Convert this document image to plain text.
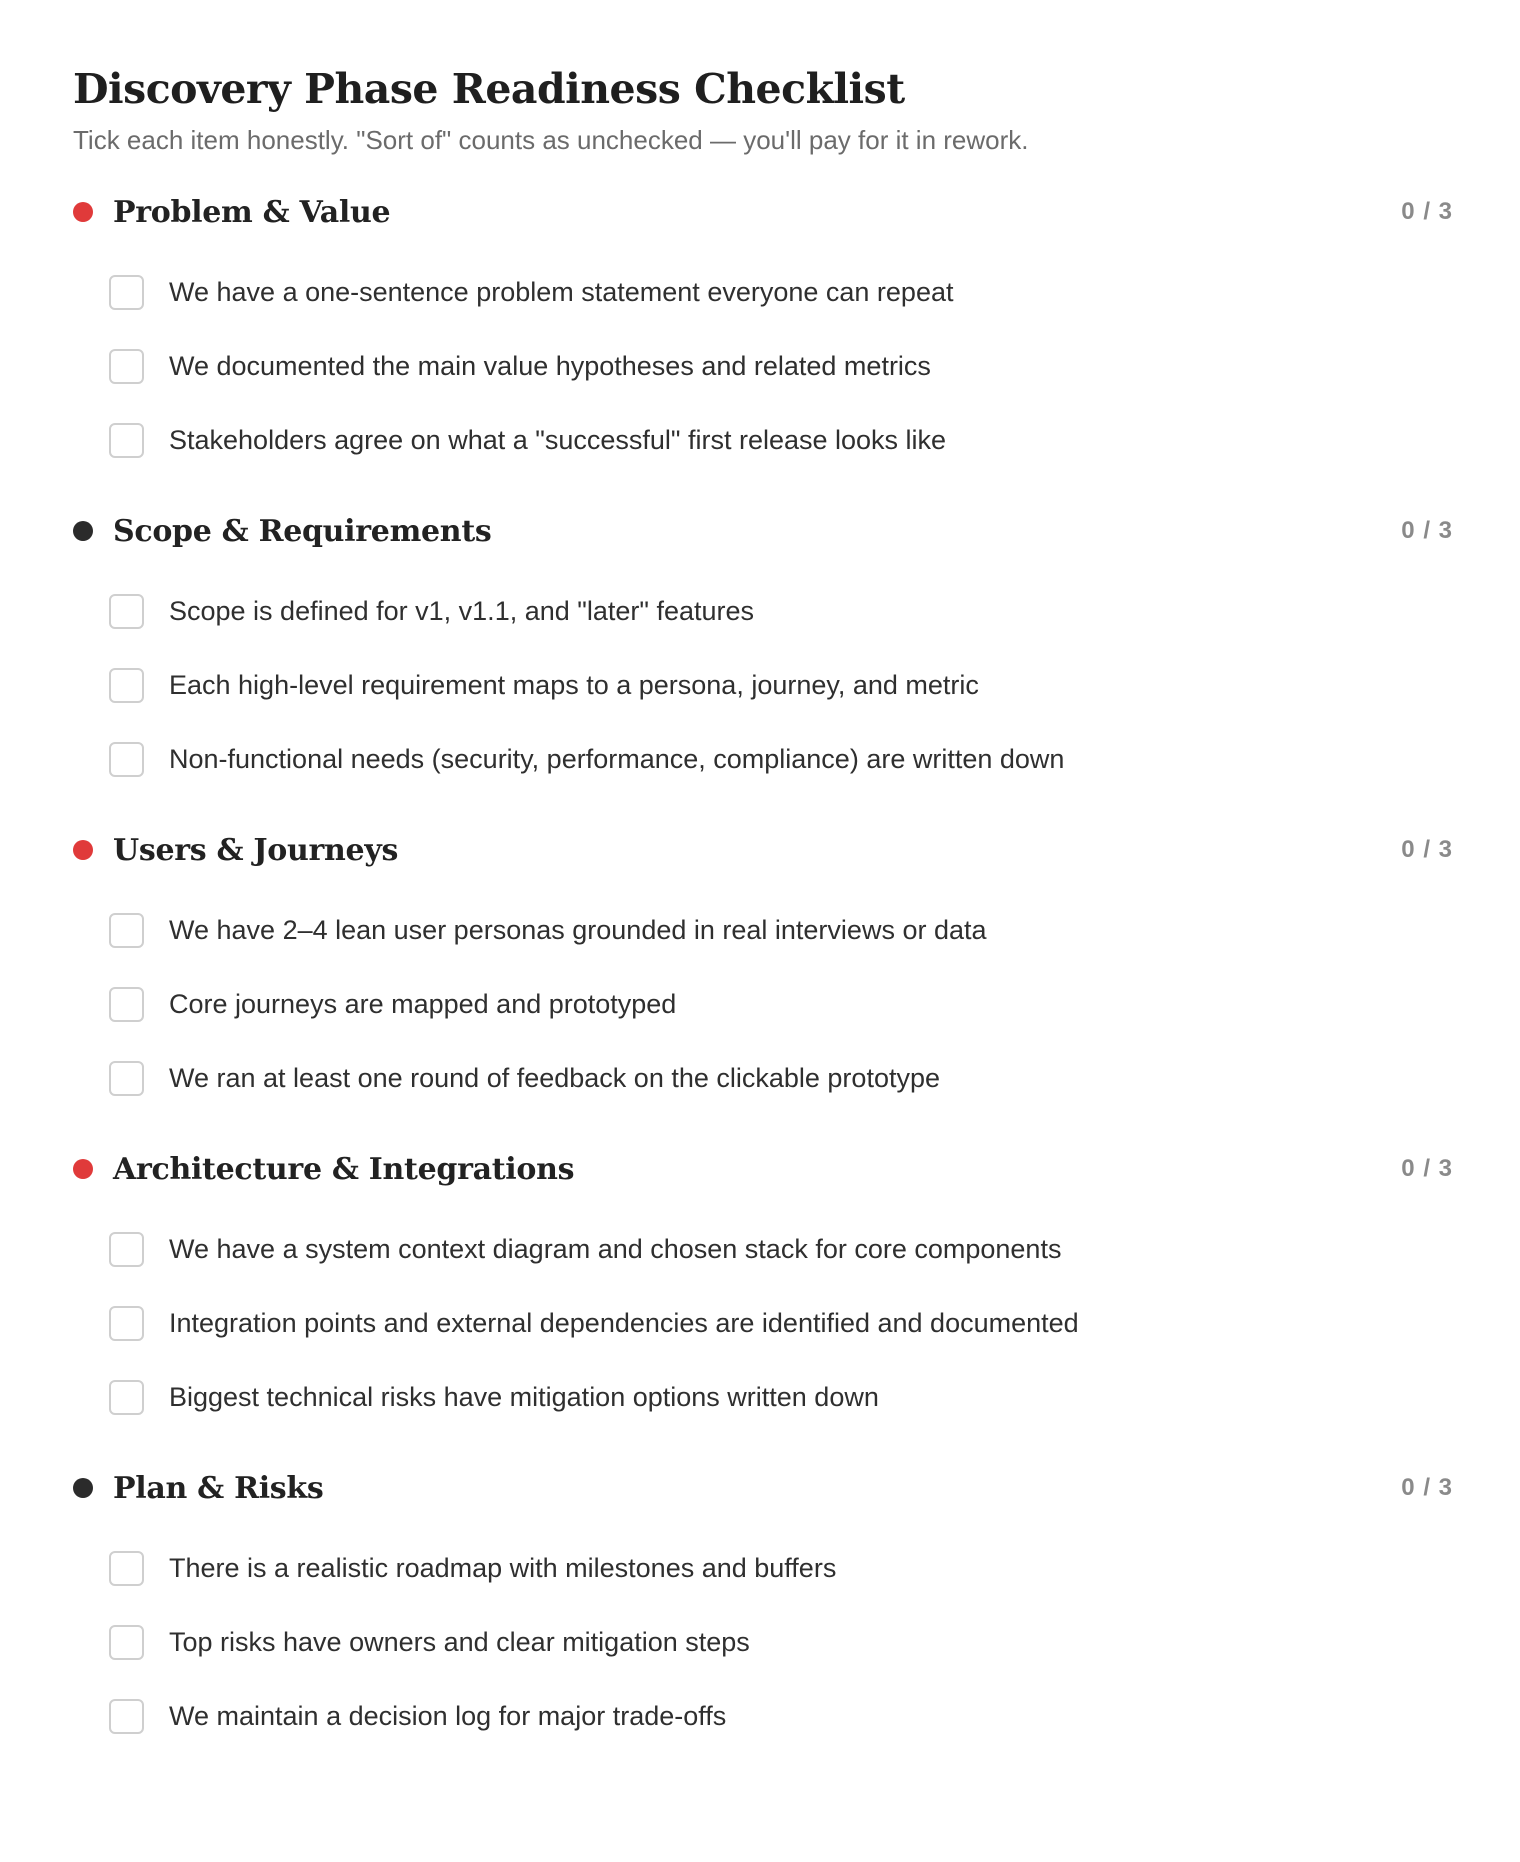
Discovery Phase Readiness Checklist

Tick each item honestly. "Sort of" counts as unchecked — you'll pay for it in rework.

Problem & Value	0 / 3
We have a one-sentence problem statement everyone can repeat
We documented the main value hypotheses and related metrics
Stakeholders agree on what a "successful" first release looks like
Scope & Requirements	0 / 3
Scope is defined for v1, v1.1, and "later" features
Each high-level requirement maps to a persona, journey, and metric
Non-functional needs (security, performance, compliance) are written down
Users & Journeys	0 / 3
We have 2–4 lean user personas grounded in real interviews or data
Core journeys are mapped and prototyped
We ran at least one round of feedback on the clickable prototype
Architecture & Integrations	0 / 3
We have a system context diagram and chosen stack for core components
Integration points and external dependencies are identified and documented
Biggest technical risks have mitigation options written down
Plan & Risks	0 / 3
There is a realistic roadmap with milestones and buffers
Top risks have owners and clear mitigation steps
We maintain a decision log for major trade-offs
